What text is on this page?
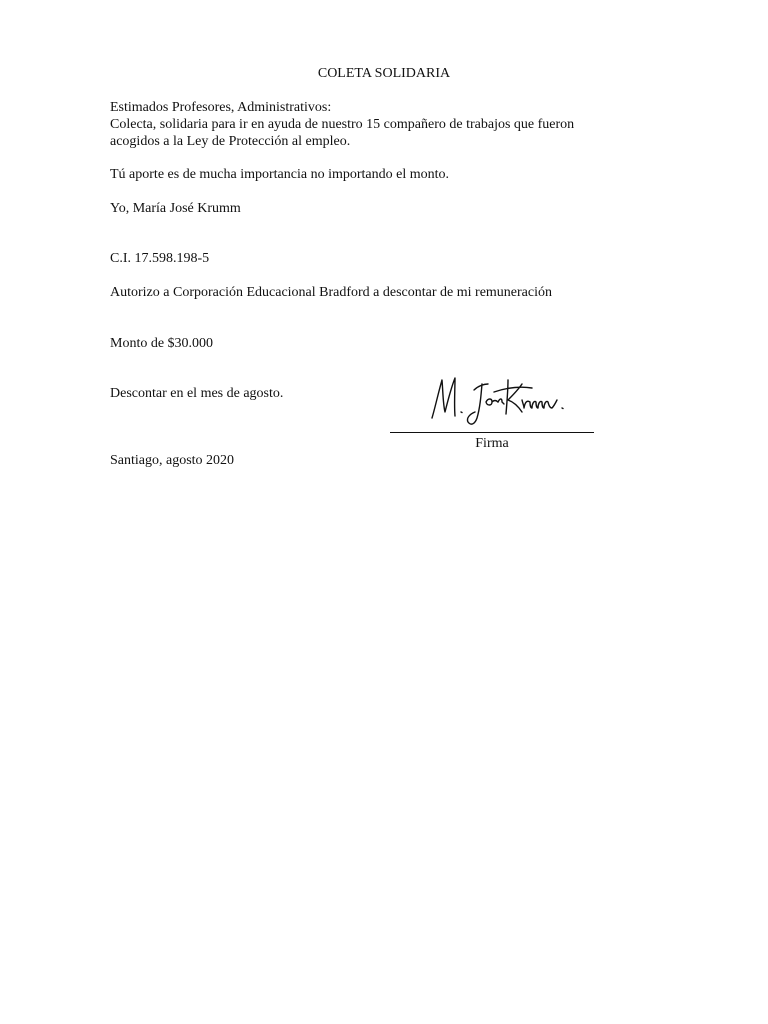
COLETA SOLIDARIA
Estimados Profesores, Administrativos:
Colecta, solidaria para ir en ayuda de nuestro 15 compañero de trabajos que fueron
acogidos a la Ley de Protección al empleo.
Tú aporte es de mucha importancia no importando el monto.
Yo, María José Krumm
C.I. 17.598.198-5
Autorizo a Corporación Educacional Bradford a descontar de mi remuneración
Monto de $30.000
Descontar en el mes de agosto.
Firma
Santiago, agosto 2020
